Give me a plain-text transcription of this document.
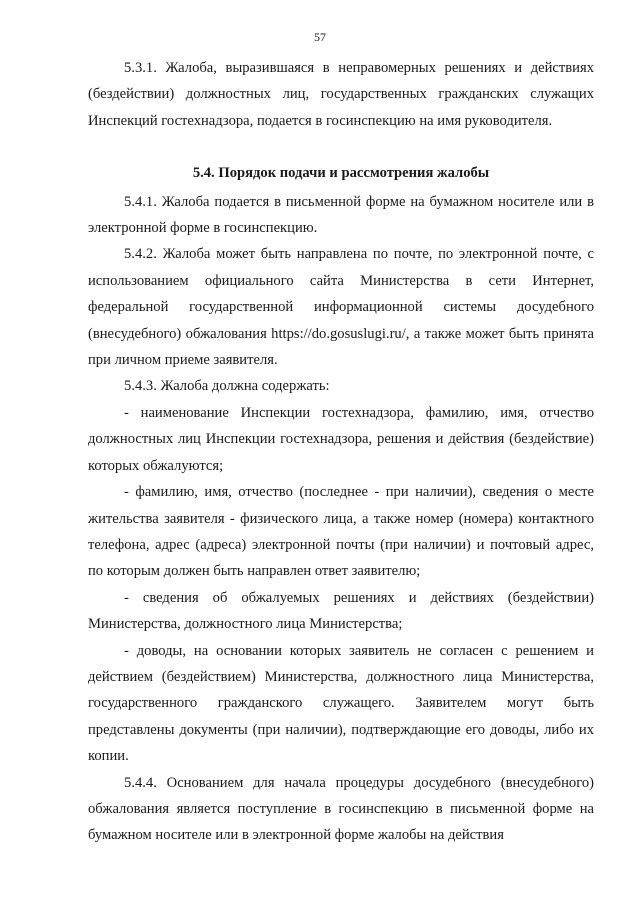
57

5.3.1. Жалоба, выразившаяся в неправомерных решениях и действиях (бездействии) должностных лиц, государственных гражданских служащих Инспекций гостехнадзора, подается в госинспекцию на имя руководителя.

5.4. Порядок подачи и рассмотрения жалобы

5.4.1. Жалоба подается в письменной форме на бумажном носителе или в электронной форме в госинспекцию.

5.4.2. Жалоба может быть направлена по почте, по электронной почте, с использованием официального сайта Министерства в сети Интернет, федеральной государственной информационной системы досудебного (внесудебного) обжалования https://do.gosuslugi.ru/, а также может быть принята при личном приеме заявителя.

5.4.3. Жалоба должна содержать:

- наименование Инспекции гостехнадзора, фамилию, имя, отчество должностных лиц Инспекции гостехнадзора, решения и действия (бездействие) которых обжалуются;

- фамилию, имя, отчество (последнее - при наличии), сведения о месте жительства заявителя - физического лица, а также номер (номера) контактного телефона, адрес (адреса) электронной почты (при наличии) и почтовый адрес, по которым должен быть направлен ответ заявителю;

- сведения об обжалуемых решениях и действиях (бездействии) Министерства, должностного лица Министерства;

- доводы, на основании которых заявитель не согласен с решением и действием (бездействием) Министерства, должностного лица Министерства, государственного гражданского служащего. Заявителем могут быть представлены документы (при наличии), подтверждающие его доводы, либо их копии.

5.4.4. Основанием для начала процедуры досудебного (внесудебного) обжалования является поступление в госинспекцию в письменной форме на бумажном носителе или в электронной форме жалобы на действия
